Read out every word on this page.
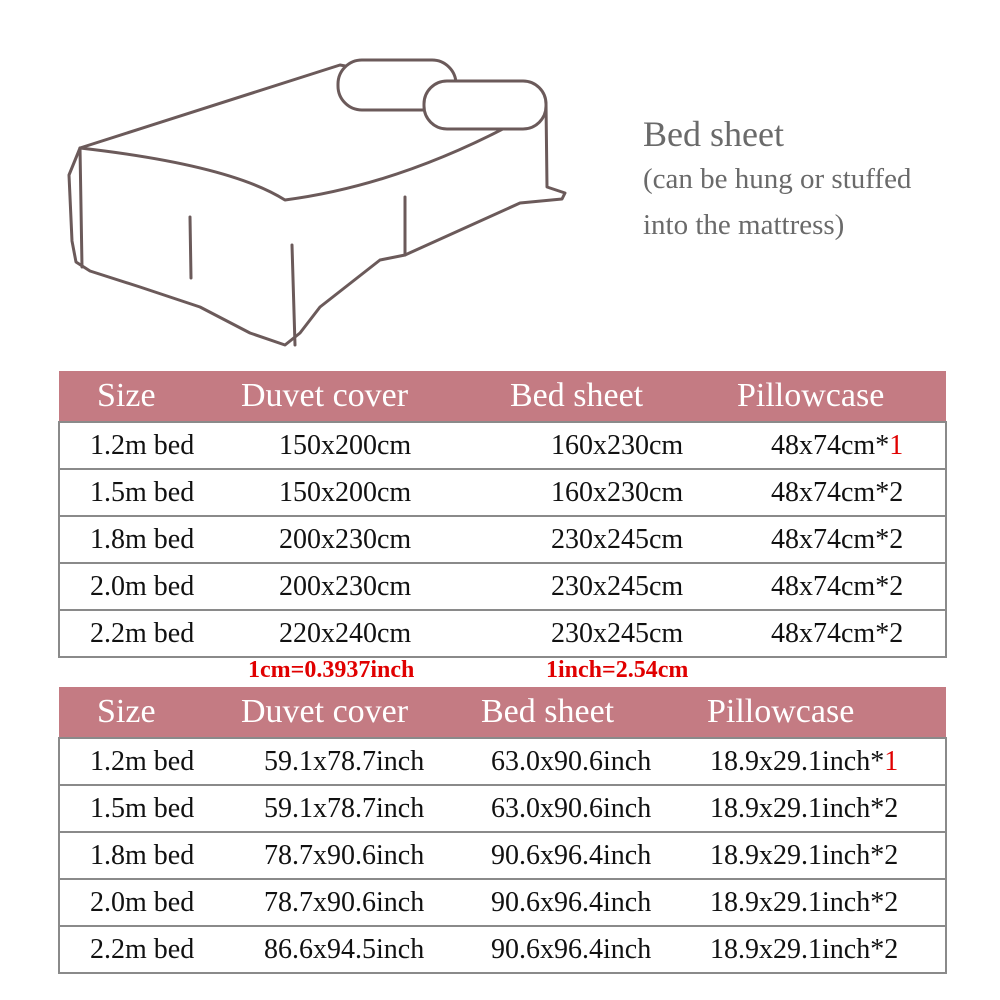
Bed sheet
(can be hung or stuffed
into the mattress)
Size	Duvet cover	Bed sheet	Pillowcase
1.2m bed	150x200cm	160x230cm	48x74cm*1
1.5m bed	150x200cm	160x230cm	48x74cm*2
1.8m bed	200x230cm	230x245cm	48x74cm*2
2.0m bed	200x230cm	230x245cm	48x74cm*2
2.2m bed	220x240cm	230x245cm	48x74cm*2
1cm=0.3937inch	1inch=2.54cm
Size	Duvet cover	Bed sheet	Pillowcase
1.2m bed	59.1x78.7inch	63.0x90.6inch	18.9x29.1inch*1
1.5m bed	59.1x78.7inch	63.0x90.6inch	18.9x29.1inch*2
1.8m bed	78.7x90.6inch	90.6x96.4inch	18.9x29.1inch*2
2.0m bed	78.7x90.6inch	90.6x96.4inch	18.9x29.1inch*2
2.2m bed	86.6x94.5inch	90.6x96.4inch	18.9x29.1inch*2
